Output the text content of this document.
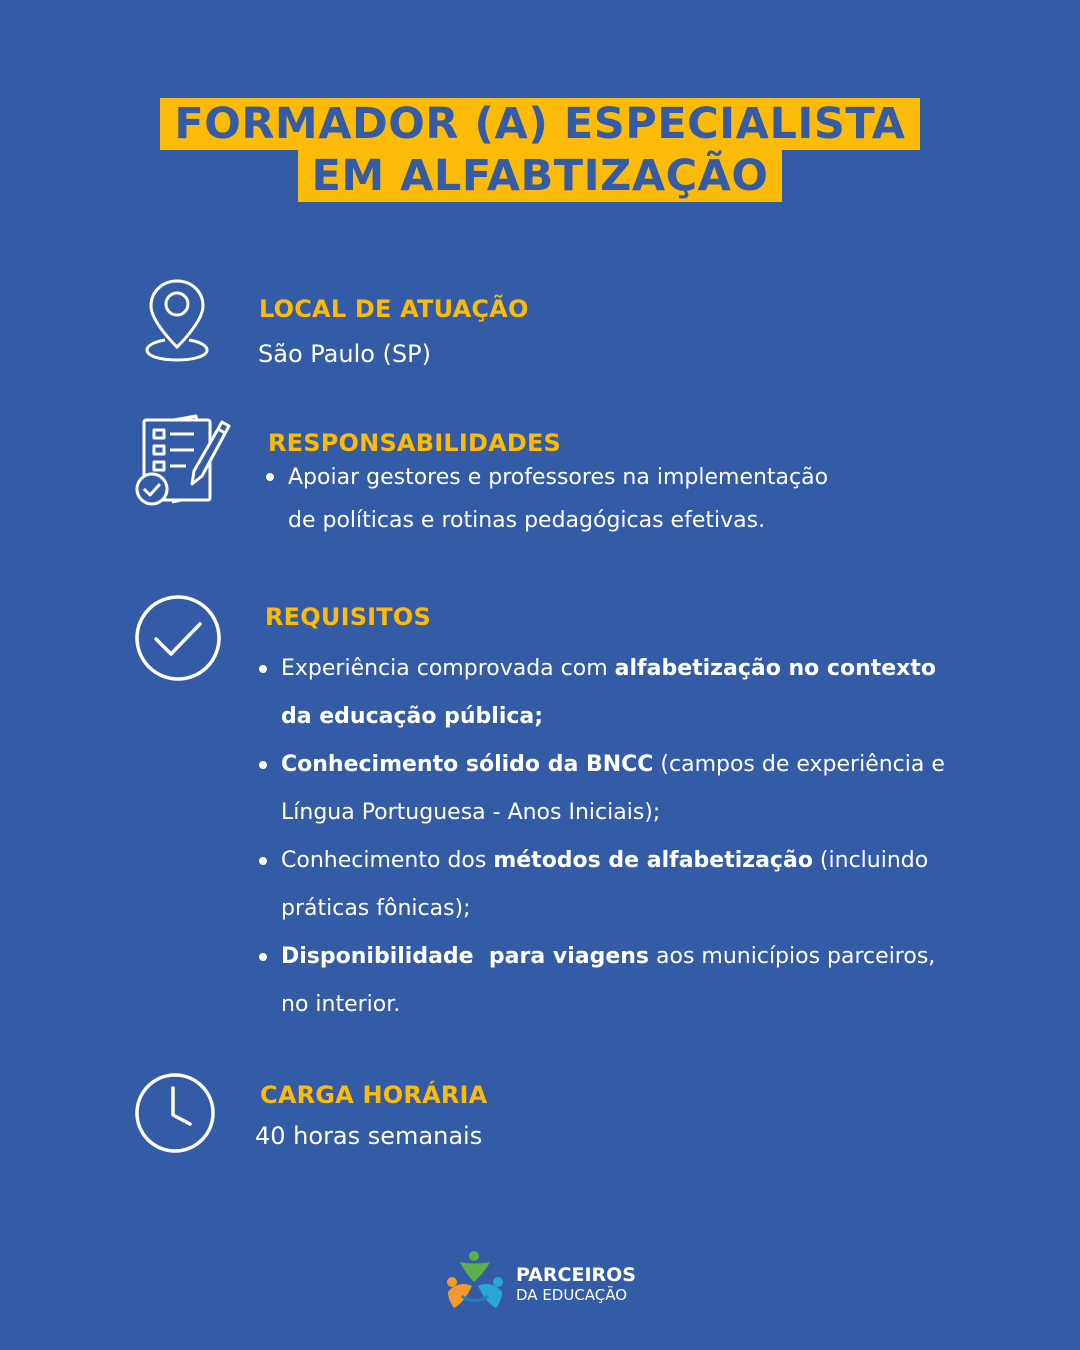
FORMADOR (A) ESPECIALISTA
EM ALFABTIZAÇÃO
LOCAL DE ATUAÇÃO
São Paulo (SP)
RESPONSABILIDADES
Apoiar gestores e professores na implementação
de políticas e rotinas pedagógicas efetivas.
REQUISITOS
Experiência comprovada com alfabetização no contexto
da educação pública;
Conhecimento sólido da BNCC (campos de experiência e
Língua Portuguesa - Anos Iniciais);
Conhecimento dos métodos de alfabetização (incluindo
práticas fônicas);
Disponibilidade  para viagens aos municípios parceiros,
no interior.
CARGA HORÁRIA
40 horas semanais
PARCEIROS
DA EDUCAÇÃO
